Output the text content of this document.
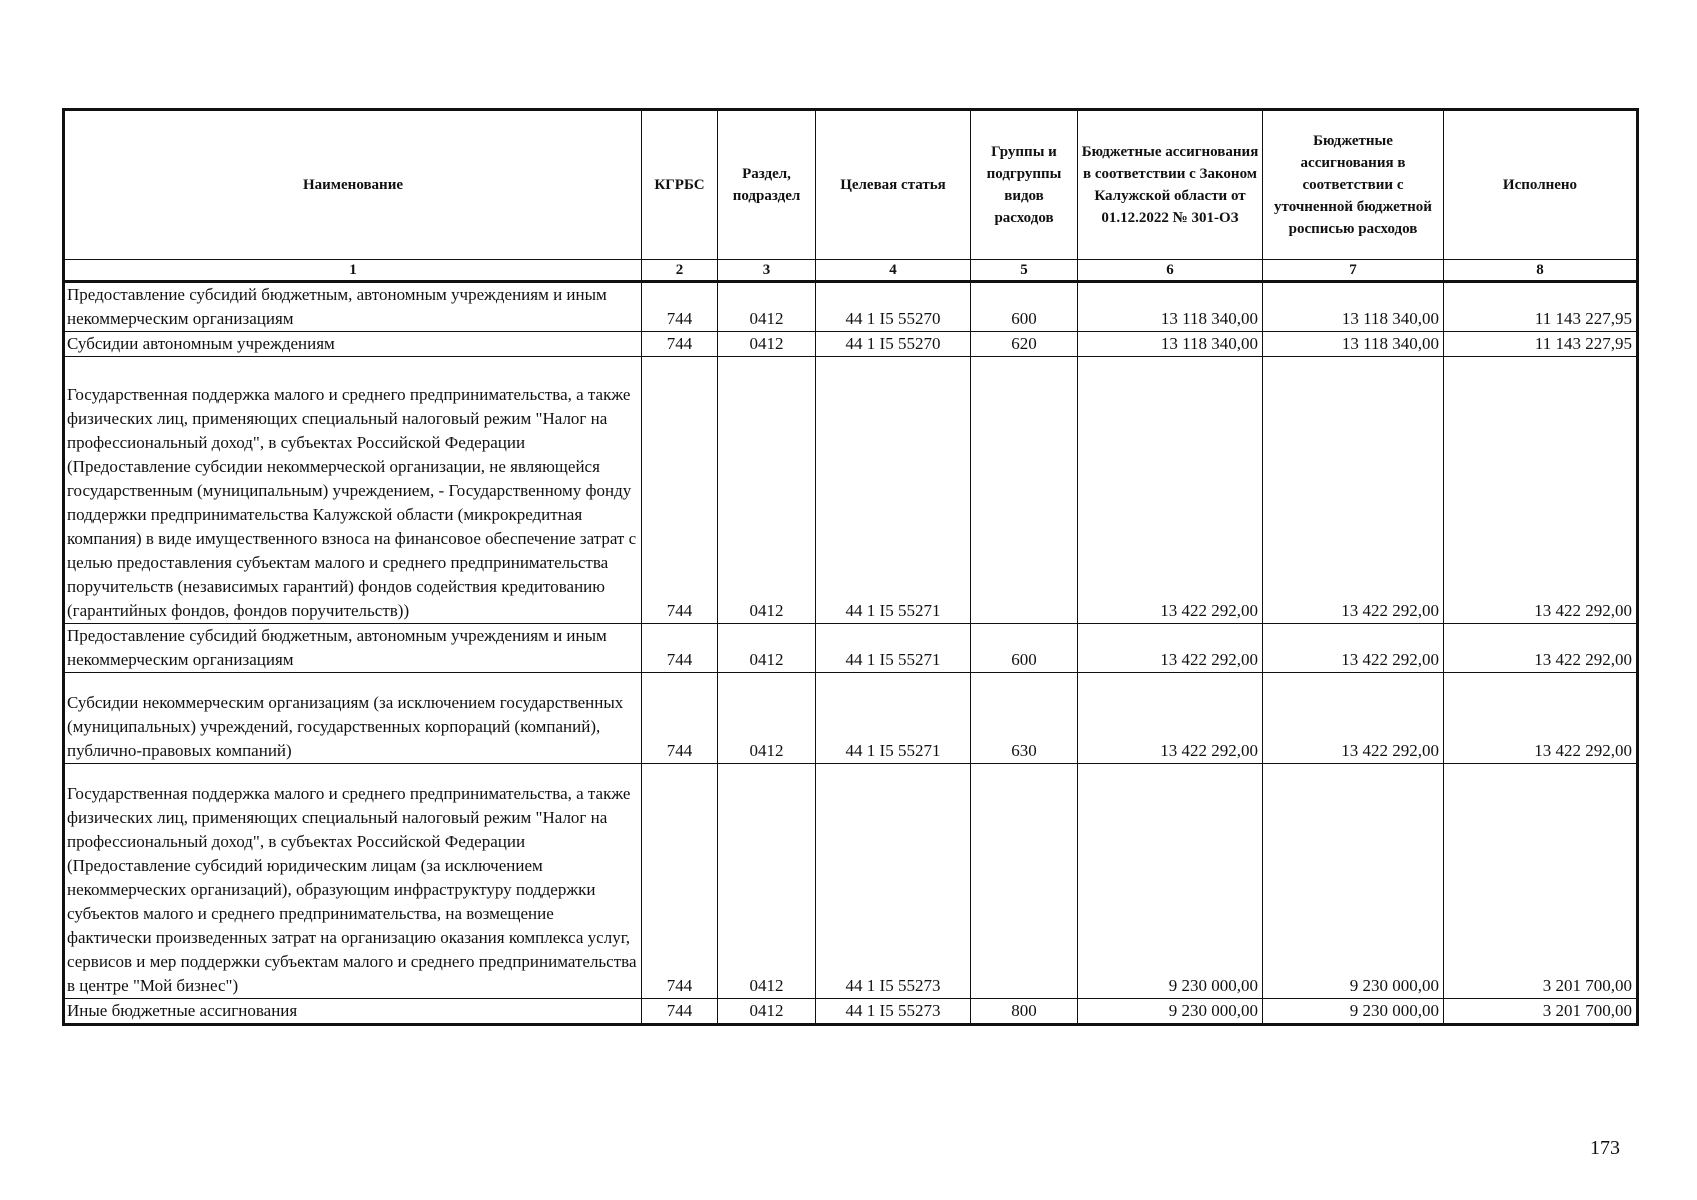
Наименование	КГРБС	Раздел, подраздел	Целевая статья	Группы и подгруппы видов расходов	Бюджетные ассигнования в соответствии с Законом Калужской области от 01.12.2022 № 301-ОЗ	Бюджетные ассигнования в соответствии с уточненной бюджетной росписью расходов	Исполнено
1	2	3	4	5	6	7	8
Предоставление субсидий бюджетным, автономным учреждениям и иным некоммерческим организациям	744	0412	44 1 I5 55270	600	13 118 340,00	13 118 340,00	11 143 227,95
Субсидии автономным учреждениям	744	0412	44 1 I5 55270	620	13 118 340,00	13 118 340,00	11 143 227,95
Государственная поддержка малого и среднего предпринимательства, а также физических лиц, применяющих специальный налоговый режим "Налог на профессиональный доход", в субъектах Российской Федерации (Предоставление субсидии некоммерческой организации, не являющейся государственным (муниципальным) учреждением, - Государственному фонду поддержки предпринимательства Калужской области (микрокредитная компания) в виде имущественного взноса на финансовое обеспечение затрат с целью предоставления субъектам малого и среднего предпринимательства поручительств (независимых гарантий) фондов содействия кредитованию (гарантийных фондов, фондов поручительств))	744	0412	44 1 I5 55271		13 422 292,00	13 422 292,00	13 422 292,00
Предоставление субсидий бюджетным, автономным учреждениям и иным некоммерческим организациям	744	0412	44 1 I5 55271	600	13 422 292,00	13 422 292,00	13 422 292,00
Субсидии некоммерческим организациям (за исключением государственных (муниципальных) учреждений, государственных корпораций (компаний), публично-правовых компаний)	744	0412	44 1 I5 55271	630	13 422 292,00	13 422 292,00	13 422 292,00
Государственная поддержка малого и среднего предпринимательства, а также физических лиц, применяющих специальный налоговый режим "Налог на профессиональный доход", в субъектах Российской Федерации (Предоставление субсидий юридическим лицам (за исключением некоммерческих организаций), образующим инфраструктуру поддержки субъектов малого и среднего предпринимательства, на возмещение фактически произведенных затрат на организацию оказания комплекса услуг, сервисов и мер поддержки субъектам малого и среднего предпринимательства в центре "Мой бизнес")	744	0412	44 1 I5 55273		9 230 000,00	9 230 000,00	3 201 700,00
Иные бюджетные ассигнования	744	0412	44 1 I5 55273	800	9 230 000,00	9 230 000,00	3 201 700,00
173
